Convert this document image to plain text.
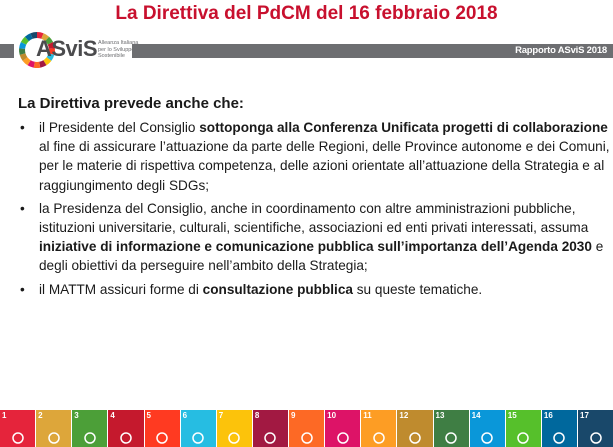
La Direttiva del PdCM del 16 febbraio 2018
Rapporto ASviS 2018
ASviS Alleanza Italiana per lo Sviluppo Sostenibile

La Direttiva prevede anche che:

• il Presidente del Consiglio sottoponga alla Conferenza Unificata progetti di collaborazione al fine di assicurare l’attuazione da parte delle Regioni, delle Province autonome e dei Comuni, per le materie di rispettiva competenza, delle azioni orientate all’attuazione della Strategia e al raggiungimento degli SDGs;
• la Presidenza del Consiglio, anche in coordinamento con altre amministrazioni pubbliche, istituzioni universitarie, culturali, scientifiche, associazioni ed enti privati interessati, assuma iniziative di informazione e comunicazione pubblica sull’importanza dell’Agenda 2030 e degli obiettivi da perseguire nell’ambito della Strategia;
• il MATTM assicuri forme di consultazione pubblica su queste tematiche.
1	2	3	4	5	6	7	8	9	10	11	12	13	14	15	16	17
